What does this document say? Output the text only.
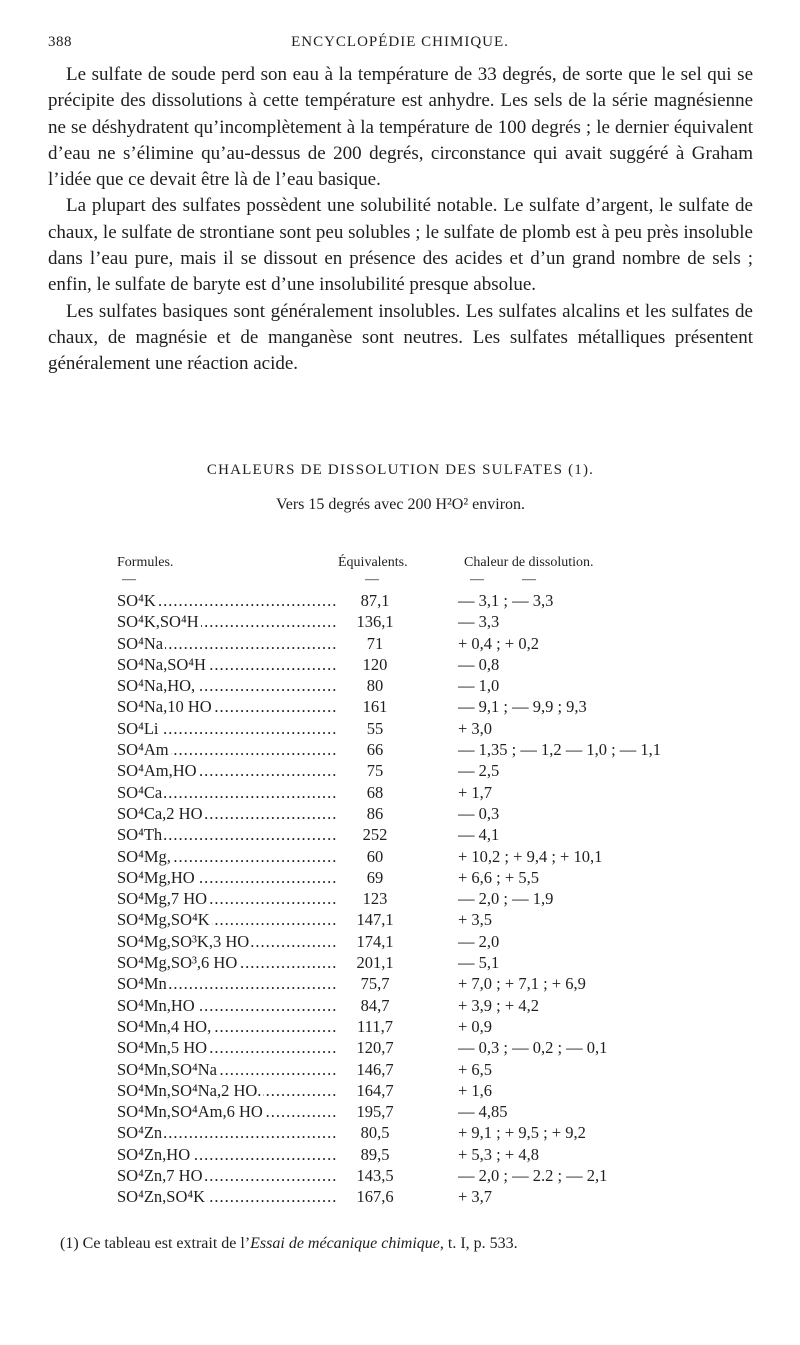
388	ENCYCLOPÉDIE CHIMIQUE.

Le sulfate de soude perd son eau à la température de 33 degrés, de sorte que le sel qui se précipite des dissolutions à cette température est anhydre. Les sels de la série magnésienne ne se déshydratent qu’incomplètement à la température de 100 degrés ; le dernier équivalent d’eau ne s’élimine qu’au-dessus de 200 degrés, circonstance qui avait suggéré à Graham l’idée que ce devait être là de l’eau basique.

La plupart des sulfates possèdent une solubilité notable. Le sulfate d’argent, le sulfate de chaux, le sulfate de strontiane sont peu solubles ; le sulfate de plomb est à peu près insoluble dans l’eau pure, mais il se dissout en présence des acides et d’un grand nombre de sels ; enfin, le sulfate de baryte est d’une insolubilité presque absolue.

Les sulfates basiques sont généralement insolubles. Les sulfates alcalins et les sulfates de chaux, de magnésie et de manganèse sont neutres. Les sulfates métalliques présentent généralement une réaction acide.

CHALEURS DE DISSOLUTION DES SULFATES (1).
Vers 15 degrés avec 200 H²O² environ.
Formules.	Équivalents.	Chaleur de dissolution.
—	—	—	—
SO⁴K .....	87,1	— 3,1 ; — 3,3
SO⁴K,SO⁴H .....	136,1	— 3,3
SO⁴Na .....	71	+ 0,4 ; + 0,2
SO⁴Na,SO⁴H .....	120	— 0,8
SO⁴Na,HO, .....	80	— 1,0
SO⁴Na,10 HO .....	161	— 9,1 ; — 9,9 ; 9,3
SO⁴Li .....	55	+ 3,0
SO⁴Am .....	66	— 1,35 ; — 1,2 — 1,0 ; — 1,1
SO⁴Am,HO .....	75	— 2,5
SO⁴Ca .....	68	+ 1,7
SO⁴Ca,2 HO .....	86	— 0,3
SO⁴Th .....	252	— 4,1
SO⁴Mg, .....	60	+ 10,2 ; + 9,4 ; + 10,1
SO⁴Mg,HO .....	69	+ 6,6 ; + 5,5
SO⁴Mg,7 HO .....	123	— 2,0 ; — 1,9
SO⁴Mg,SO⁴K .....	147,1	+ 3,5
SO⁴Mg,SO³K,3 HO .....	174,1	— 2,0
SO⁴Mg,SO³,6 HO .....	201,1	— 5,1
SO⁴Mn .....	75,7	+ 7,0 ; + 7,1 ; + 6,9
SO⁴Mn,HO .....	84,7	+ 3,9 ; + 4,2
SO⁴Mn,4 HO, .....	111,7	+ 0,9
SO⁴Mn,5 HO .....	120,7	— 0,3 ; — 0,2 ; — 0,1
SO⁴Mn,SO⁴Na .....	146,7	+ 6,5
SO⁴Mn,SO⁴Na,2 HO. .....	164,7	+ 1,6
SO⁴Mn,SO⁴Am,6 HO .....	195,7	— 4,85
SO⁴Zn .....	80,5	+ 9,1 ; + 9,5 ; + 9,2
SO⁴Zn,HO .....	89,5	+ 5,3 ; + 4,8
SO⁴Zn,7 HO .....	143,5	— 2,0 ; — 2.2 ; — 2,1
SO⁴Zn,SO⁴K .....	167,6	+ 3,7
(1) Ce tableau est extrait de l’Essai de mécanique chimique, t. I, p. 533.
